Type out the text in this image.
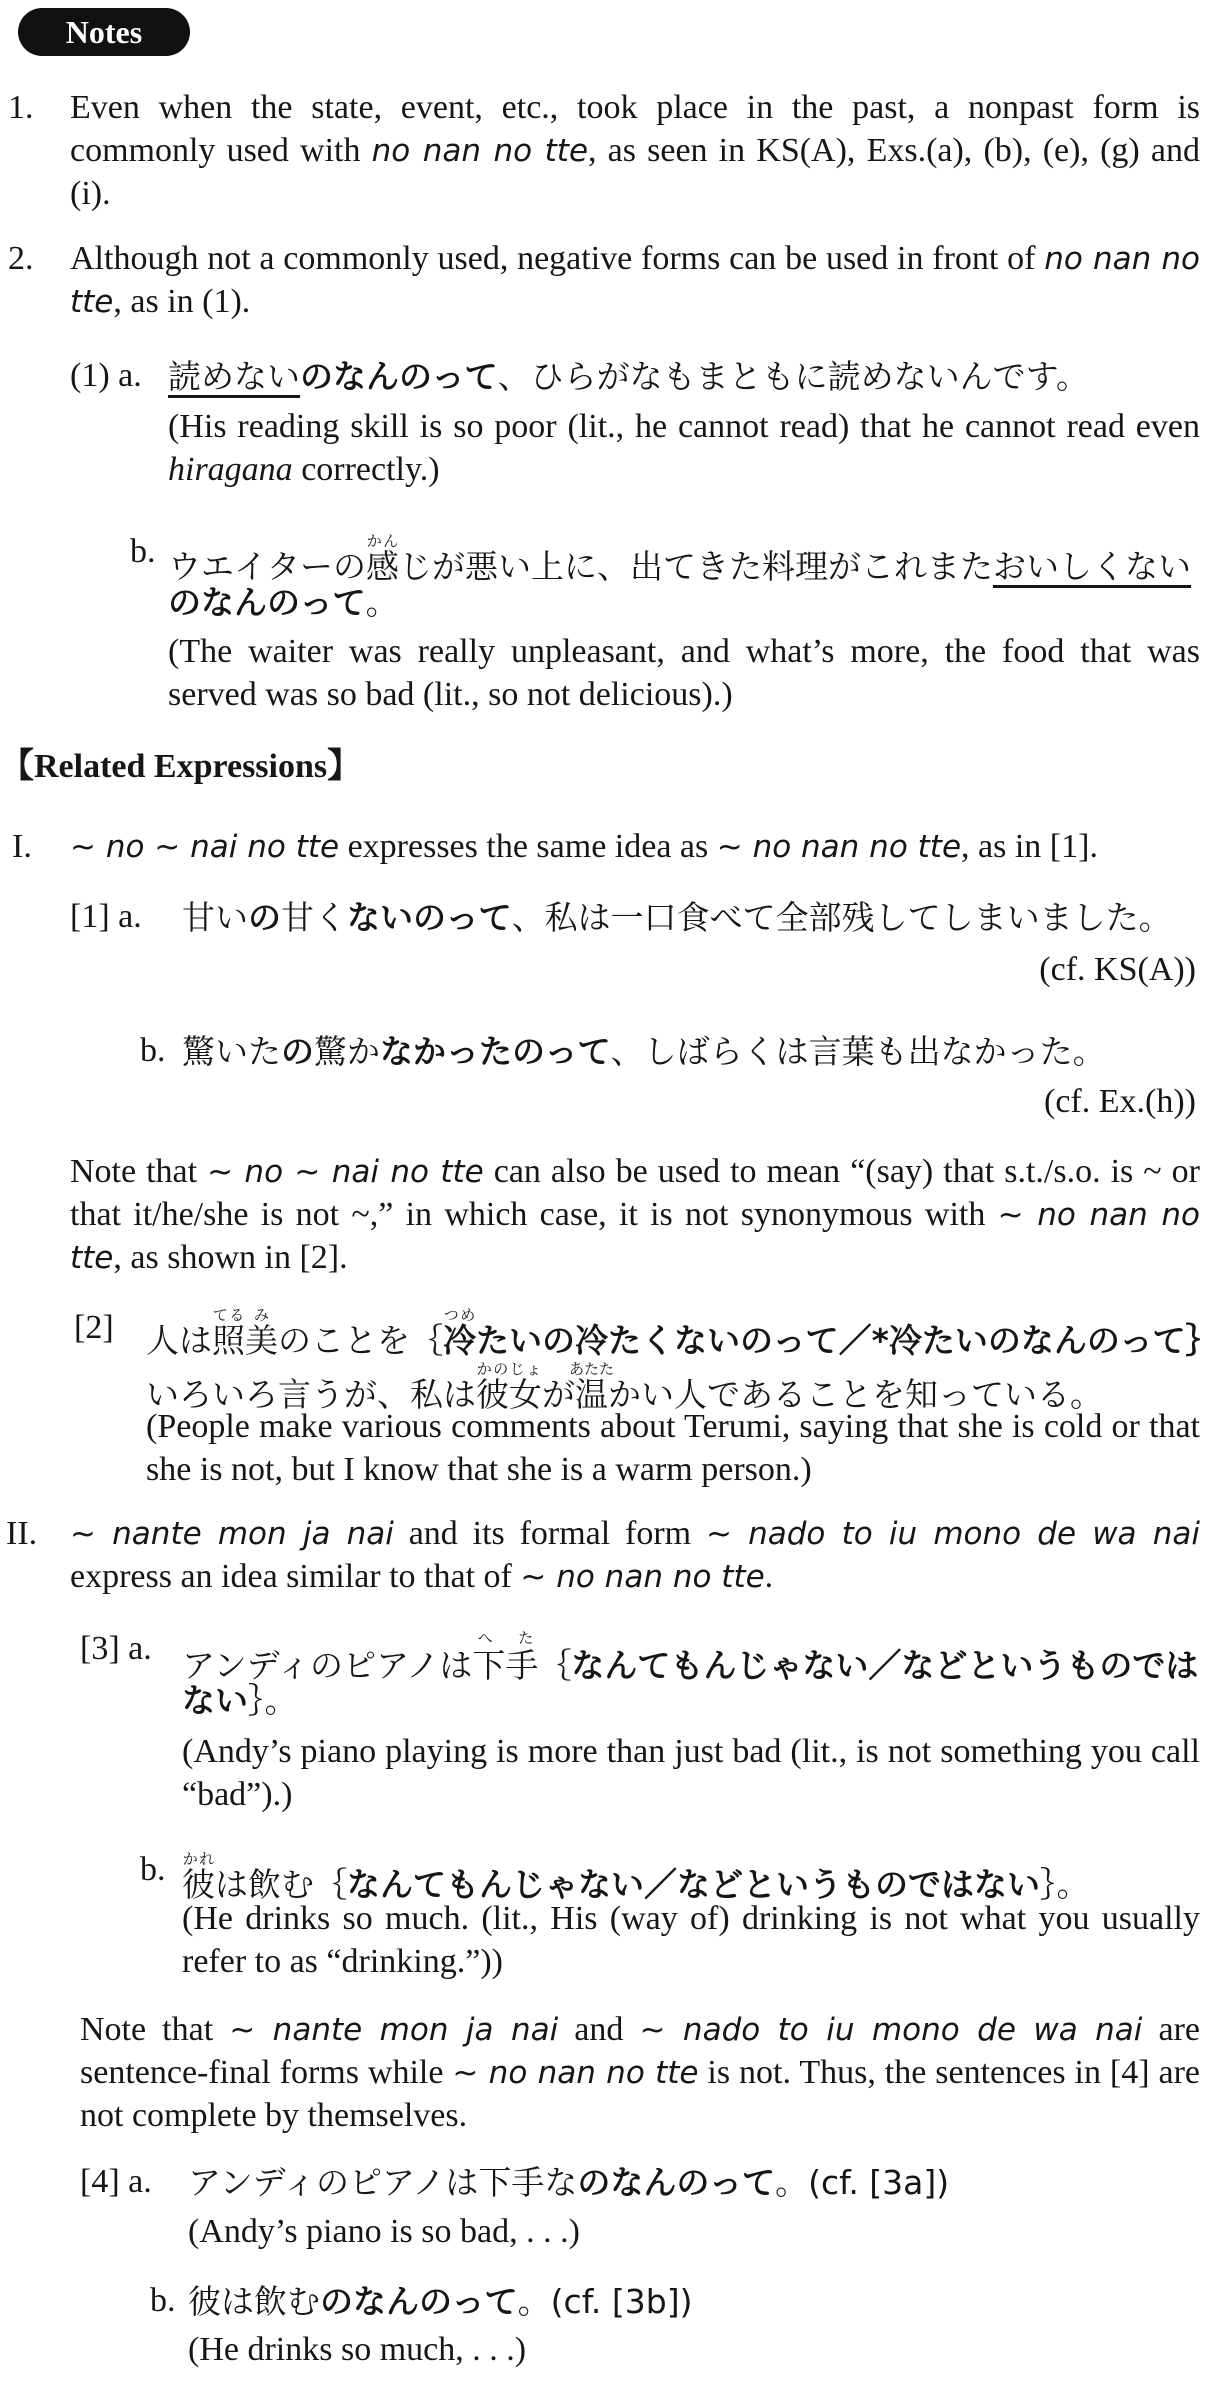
Notes
1. Even when the state, event, etc., took place in the past, a nonpast form is commonly used with no nan no tte, as seen in KS(A), Exs.(a), (b), (e), (g) and (i).
2. Although not a commonly used, negative forms can be used in front of no nan no tte, as in (1).
(1) a. 読めないのなんのって、ひらがなもまともに読めないんです。
(His reading skill is so poor (lit., he cannot read) that he cannot read even hiragana correctly.)
b. ウエイターの感かんじが悪い上に、出てきた料理がこれまたおいしくない
のなんのって。
(The waiter was really unpleasant, and what’s more, the food that was served was so bad (lit., so not delicious).)
【Related Expressions】
I. ~ no ~ nai no tte expresses the same idea as ~ no nan no tte, as in [1].
[1] a. 甘いの甘くないのって、私は一口食べて全部残してしまいました。
(cf. KS(A))
b. 驚いたの驚かなかったのって、しばらくは言葉も出なかった。
(cf. Ex.(h))
Note that ~ no ~ nai no tte can also be used to mean “(say) that s.t./s.o. is ~ or that it/he/she is not ~,” in which case, it is not synonymous with ~ no nan no tte, as shown in [2].
[2] 人は照てる美みのことを｛冷つめたいの冷たくないのって／*冷たいのなんのって｝
いろいろ言うが、私は彼女かのじょが温あたたかい人であることを知っている。
(People make various comments about Terumi, saying that she is cold or that she is not, but I know that she is a warm person.)
II. ~ nante mon ja nai and its formal form ~ nado to iu mono de wa nai express an idea similar to that of ~ no nan no tte.
[3] a. アンディのピアノは下手へ た｛なんてもんじゃない／などというものでは
ない｝。
(Andy’s piano playing is more than just bad (lit., is not something you call “bad”).)
b. 彼かれは飲む｛なんてもんじゃない／などというものではない｝。
(He drinks so much. (lit., His (way of) drinking is not what you usually refer to as “drinking.”))
Note that ~ nante mon ja nai and ~ nado to iu mono de wa nai are sentence-final forms while ~ no nan no tte is not. Thus, the sentences in [4] are not complete by themselves.
[4] a. アンディのピアノは下手なのなんのって。(cf. [3a])
(Andy’s piano is so bad, . . .)
b. 彼は飲むのなんのって。(cf. [3b])
(He drinks so much, . . .)
